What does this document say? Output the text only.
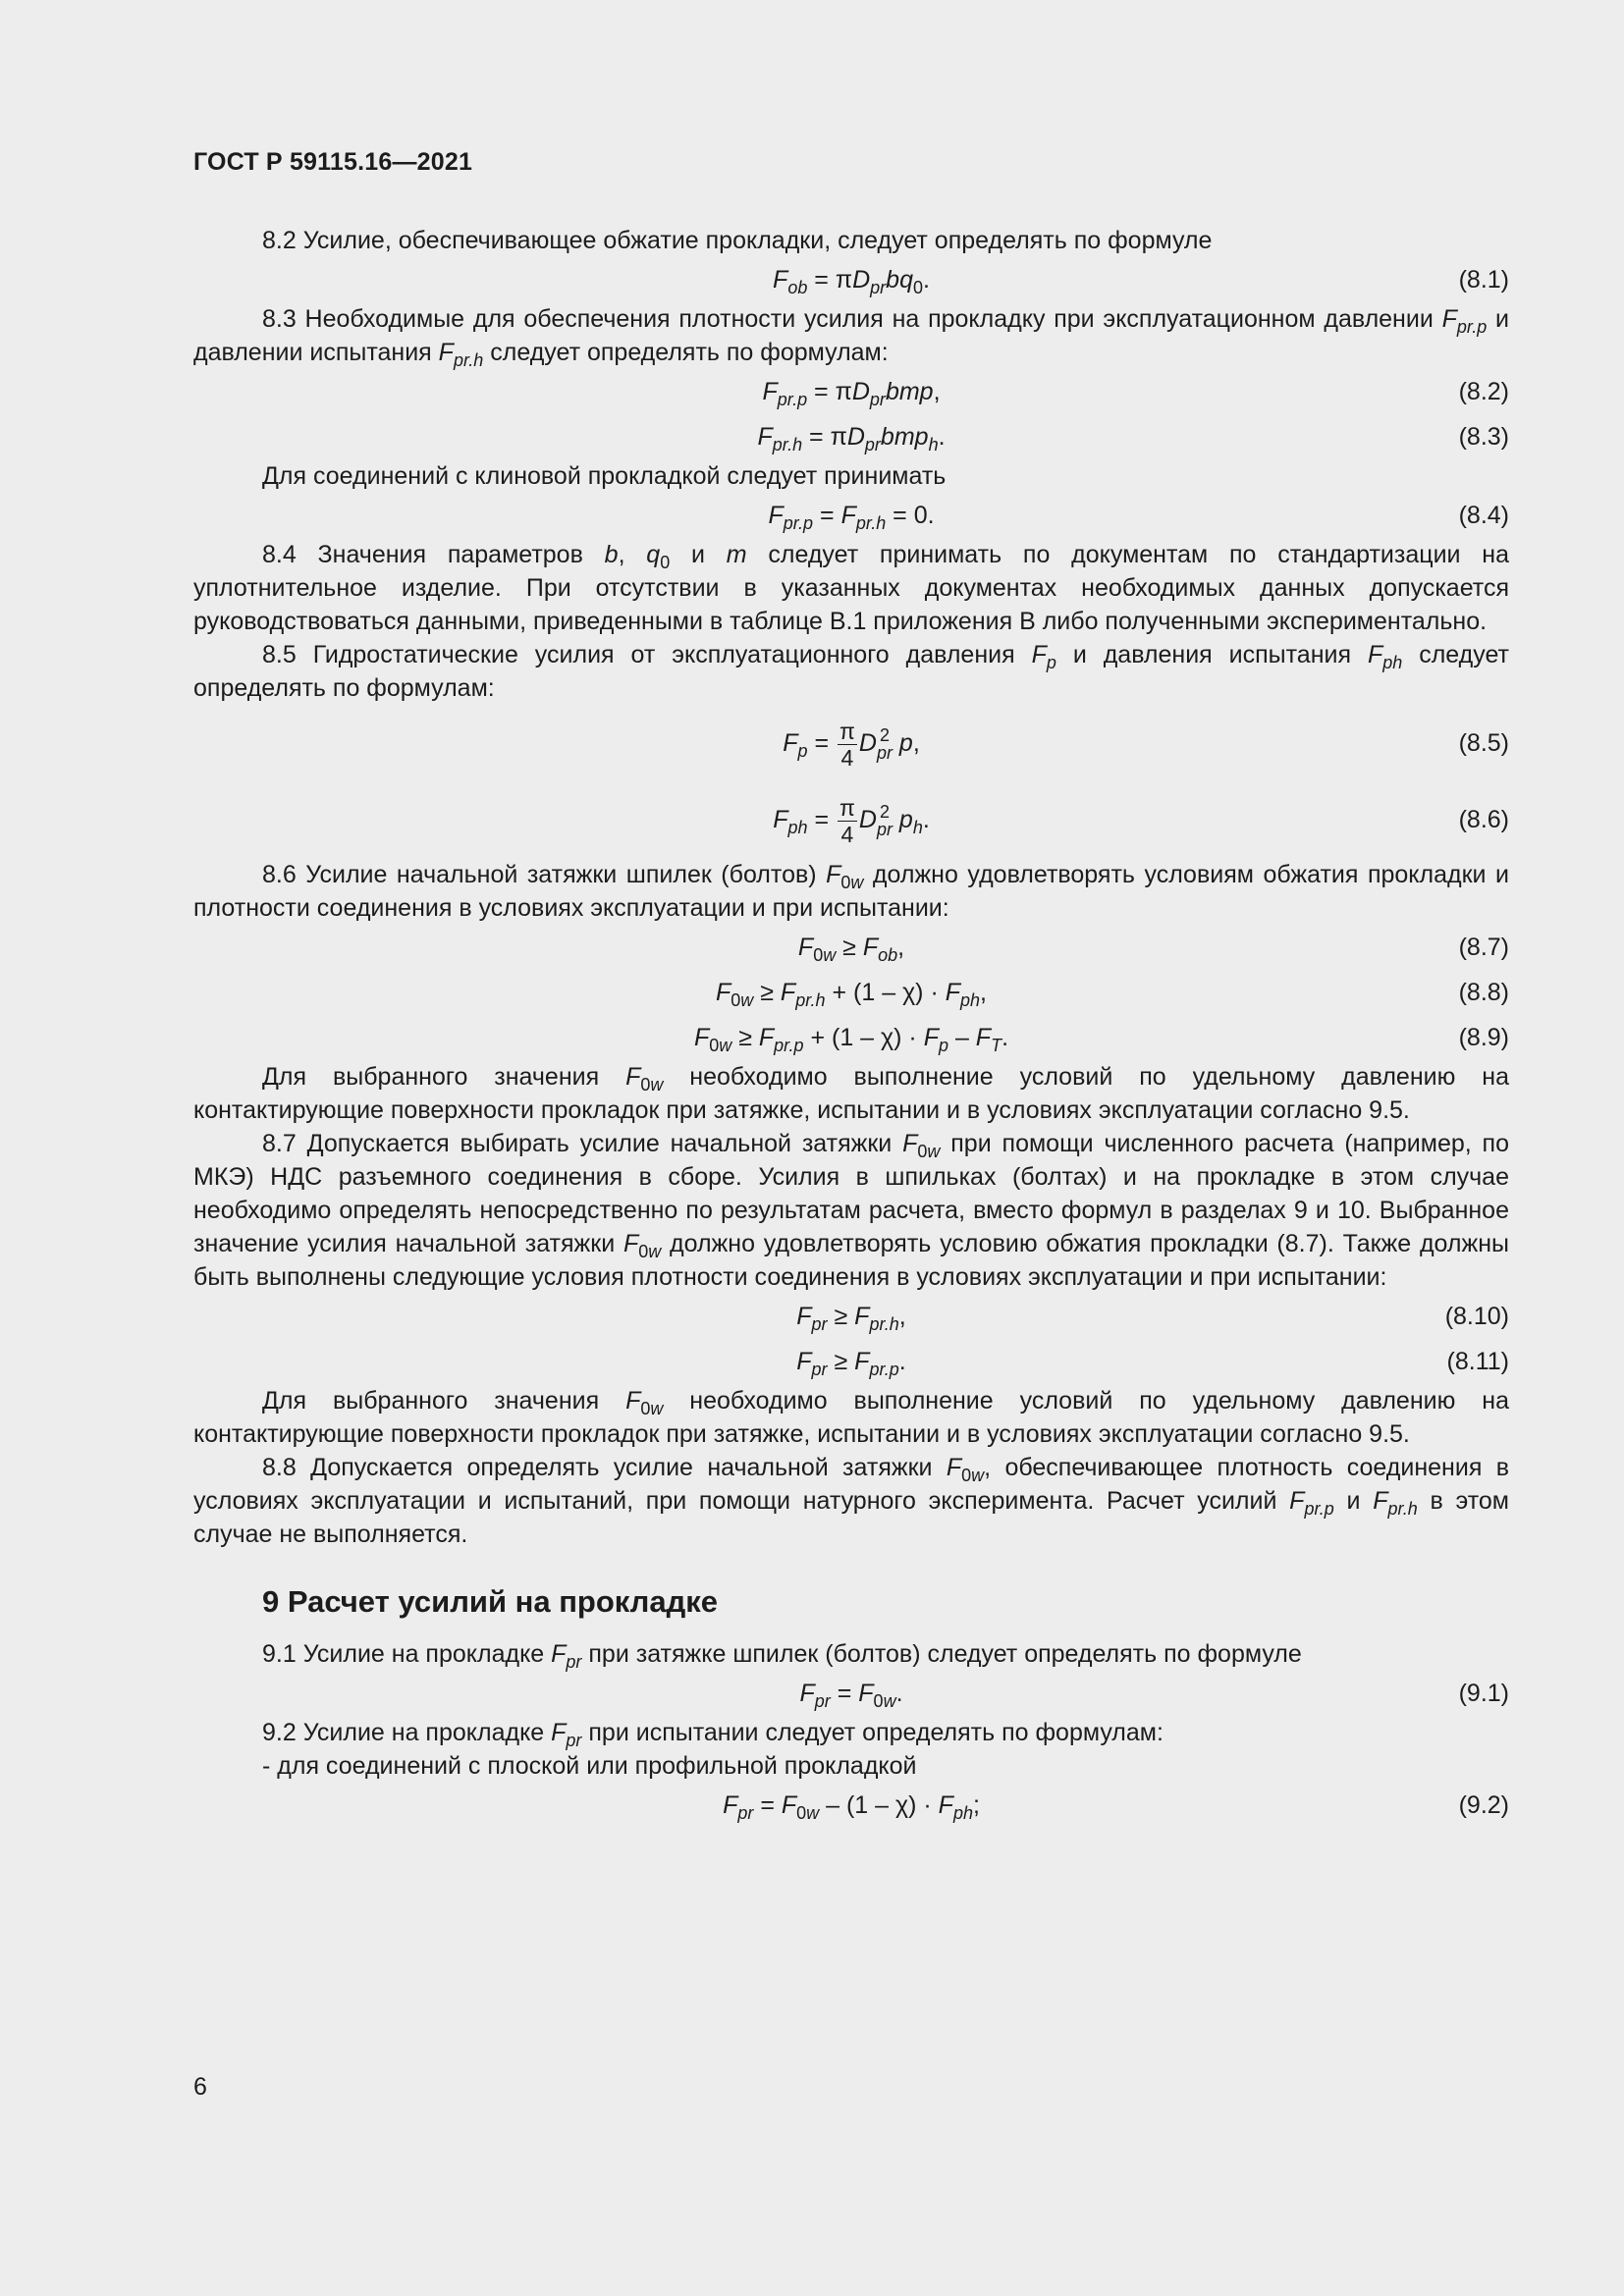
ГОСТ Р 59115.16—2021

8.2 Усилие, обеспечивающее обжатие прокладки, следует определять по формуле

$F_{ob} = \pi D_{pr}bq_0$.	(8.1)

8.3 Необходимые для обеспечения плотности усилия на прокладку при эксплуатационном давлении $F_{pr.p}$ и давлении испытания $F_{pr.h}$ следует определять по формулам:

$F_{pr.p} = \pi D_{pr}bmp$,	(8.2)
$F_{pr.h} = \pi D_{pr}bmp_h$.	(8.3)

Для соединений с клиновой прокладкой следует принимать

$F_{pr.p} = F_{pr.h} = 0$.	(8.4)

8.4 Значения параметров b, $q_0$ и m следует принимать по документам по стандартизации на уплотнительное изделие. При отсутствии в указанных документах необходимых данных допускается руководствоваться данными, приведенными в таблице В.1 приложения В либо полученными экспериментально.

8.5 Гидростатические усилия от эксплуатационного давления $F_p$ и давления испытания $F_{ph}$ следует определять по формулам:

$F_p = \frac{\pi}{4}$ D 2
pr p,	(8.5)
$F_{ph} = \frac{\pi}{4}$ D 2
pr $p_h$.	(8.6)

8.6 Усилие начальной затяжки шпилек (болтов) $F_{0w}$ должно удовлетворять условиям обжатия прокладки и плотности соединения в условиях эксплуатации и при испытании:

$F_{0w} \ge F_{ob}$,	(8.7)
$F_{0w} \ge F_{pr.h} + (1 - \chi) \cdot F_{ph}$,	(8.8)
$F_{0w} \ge F_{pr.p} + (1 - \chi) \cdot F_p - F_T$.	(8.9)

Для выбранного значения $F_{0w}$ необходимо выполнение условий по удельному давлению на контактирующие поверхности прокладок при затяжке, испытании и в условиях эксплуатации согласно 9.5.

8.7 Допускается выбирать усилие начальной затяжки $F_{0w}$ при помощи численного расчета (например, по МКЭ) НДС разъемного соединения в сборе. Усилия в шпильках (болтах) и на прокладке в этом случае необходимо определять непосредственно по результатам расчета, вместо формул в разделах 9 и 10. Выбранное значение усилия начальной затяжки $F_{0w}$ должно удовлетворять условию обжатия прокладки (8.7). Также должны быть выполнены следующие условия плотности соединения в условиях эксплуатации и при испытании:

$F_{pr} \ge F_{pr.h}$,	(8.10)
$F_{pr} \ge F_{pr.p}$.	(8.11)

Для выбранного значения $F_{0w}$ необходимо выполнение условий по удельному давлению на контактирующие поверхности прокладок при затяжке, испытании и в условиях эксплуатации согласно 9.5.

8.8 Допускается определять усилие начальной затяжки $F_{0w}$, обеспечивающее плотность соединения в условиях эксплуатации и испытаний, при помощи натурного эксперимента. Расчет усилий $F_{pr.p}$ и $F_{pr.h}$ в этом случае не выполняется.

9 Расчет усилий на прокладке

9.1 Усилие на прокладке $F_{pr}$ при затяжке шпилек (болтов) следует определять по формуле

$F_{pr} = F_{0w}$.	(9.1)

9.2 Усилие на прокладке $F_{pr}$ при испытании следует определять по формулам:

- для соединений с плоской или профильной прокладкой

$F_{pr} = F_{0w} - (1 - \chi) \cdot F_{ph}$;	(9.2)
6
